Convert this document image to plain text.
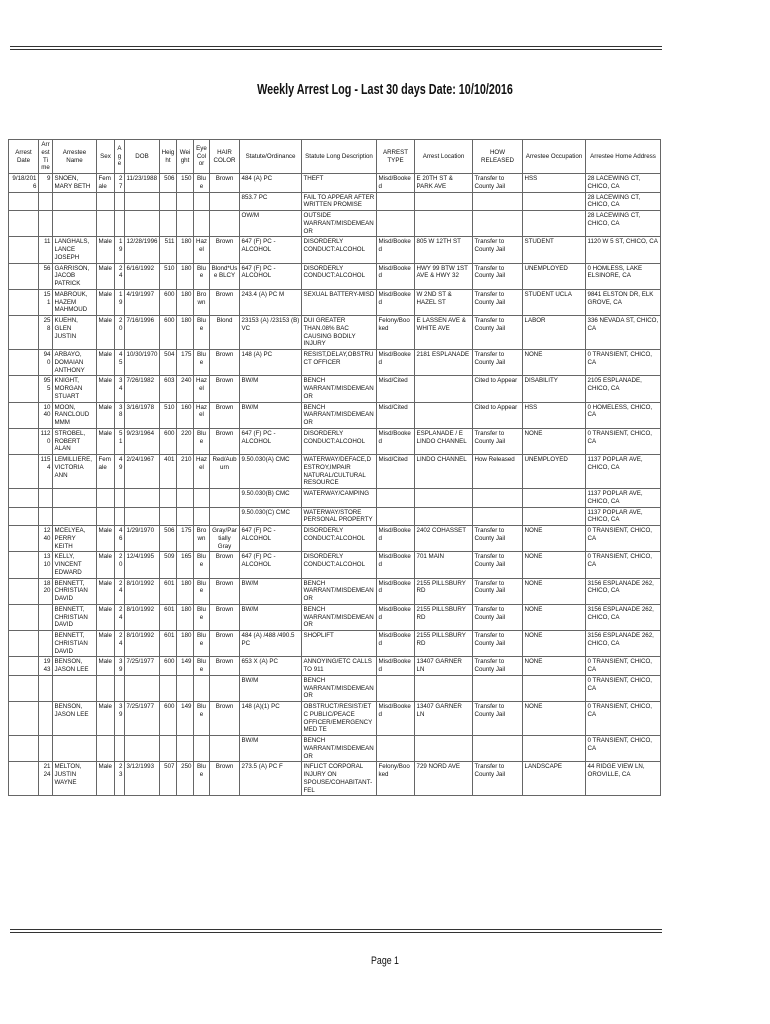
Weekly Arrest Log - Last 30 days Date: 10/10/2016
Arrest Date	Arrest Time	Arrestee Name	Sex	Age	DOB	Height	Weight	Eye Color	HAIR COLOR	Statute/Ordinance	Statute Long Description	ARREST TYPE	Arrest Location	HOW RELEASED	Arrestee Occupation	Arrestee Home Address
9/18/2016	9	SNOEN, MARY BETH	Female	27	11/23/1988	506	150	Blue	Brown	484 (A) PC	THEFT	Misd/Booked	E 20TH ST & PARK AVE	Transfer to County Jail	HSS	28 LACEWING CT, CHICO, CA
										853.7 PC	FAIL TO APPEAR AFTER WRITTEN PROMISE					28 LACEWING CT, CHICO, CA
										OW/M	OUTSIDE WARRANT/MISDEMEANOR					28 LACEWING CT, CHICO, CA
	11	LANGHALS, LANCE JOSEPH	Male	19	12/28/1996	511	180	Hazel	Brown	647 (F) PC - ALCOHOL	DISORDERLY CONDUCT:ALCOHOL	Misd/Booked	805 W 12TH ST	Transfer to County Jail	STUDENT	1120 W 5 ST, CHICO, CA
	56	GARRISON, JACOB PATRICK	Male	24	6/16/1992	510	180	Blue	Blond*Use BLCY	647 (F) PC - ALCOHOL	DISORDERLY CONDUCT:ALCOHOL	Misd/Booked	HWY 99 BTW 1ST AVE & HWY 32	Transfer to County Jail	UNEMPLOYED	0 HOMLESS, LAKE ELSINORE, CA
	151	MABROUK, HAZEM MAHMOUD	Male	19	4/19/1997	600	180	Brown	Brown	243.4 (A) PC M	SEXUAL BATTERY-MISD	Misd/Booked	W 2ND ST & HAZEL ST	Transfer to County Jail	STUDENT UCLA	9841 ELSTON DR, ELK GROVE, CA
	258	KUEHN, GLEN JUSTIN	Male	20	7/16/1996	600	180	Blue	Blond	23153 (A) /23153 (B) VC	DUI GREATER THAN.08% BAC CAUSING BODILY INJURY	Felony/Booked	E LASSEN AVE & WHITE AVE	Transfer to County Jail	LABOR	336 NEVADA ST, CHICO, CA
	940	ARBAYO, DOMAIAN ANTHONY	Male	45	10/30/1970	504	175	Blue	Brown	148 (A) PC	RESIST,DELAY,OBSTRUCT OFFICER	Misd/Booked	2181 ESPLANADE	Transfer to County Jail	NONE	0 TRANSIENT, CHICO, CA
	955	KNIGHT, MORGAN STUART	Male	34	7/26/1982	603	240	Hazel	Brown	BW/M	BENCH WARRANT/MISDEMEANOR	Misd/Cited		Cited to Appear	DISABILITY	2105 ESPLANADE, CHICO, CA
	1040	MOON, RANCLOUD MMM	Male	38	3/16/1978	510	160	Hazel	Brown	BW/M	BENCH WARRANT/MISDEMEANOR	Misd/Cited		Cited to Appear	HSS	0 HOMELESS, CHICO, CA
	1120	STROBEL, ROBERT ALAN	Male	51	9/23/1964	600	220	Blue	Brown	647 (F) PC - ALCOHOL	DISORDERLY CONDUCT:ALCOHOL	Misd/Booked	ESPLANADE / E LINDO CHANNEL	Transfer to County Jail	NONE	0 TRANSIENT, CHICO, CA
	1154	LEMILLIERE, VICTORIA ANN	Female	49	2/24/1967	401	210	Hazel	Red/Auburn	9.50.030(A) CMC	WATERWAY/DEFACE,DESTROY,IMPAIR NATURAL/CULTURAL RESOURCE	Misd/Cited	LINDO CHANNEL	How Released	UNEMPLOYED	1137 POPLAR AVE, CHICO, CA
										9.50.030(B) CMC	WATERWAY/CAMPING					1137 POPLAR AVE, CHICO, CA
										9.50.030(C) CMC	WATERWAY/STORE PERSONAL PROPERTY					1137 POPLAR AVE, CHICO, CA
	1240	MCELYEA, PERRY KEITH	Male	46	1/29/1970	506	175	Brown	Gray/Partially Gray	647 (F) PC - ALCOHOL	DISORDERLY CONDUCT:ALCOHOL	Misd/Booked	2402 COHASSET	Transfer to County Jail	NONE	0 TRANSIENT, CHICO, CA
	1310	KELLY, VINCENT EDWARD	Male	20	12/4/1995	509	165	Blue	Brown	647 (F) PC - ALCOHOL	DISORDERLY CONDUCT:ALCOHOL	Misd/Booked	701 MAIN	Transfer to County Jail	NONE	0 TRANSIENT, CHICO, CA
	1820	BENNETT, CHRISTIAN DAVID	Male	24	8/10/1992	601	180	Blue	Brown	BW/M	BENCH WARRANT/MISDEMEANOR	Misd/Booked	2155 PILLSBURY RD	Transfer to County Jail	NONE	3156 ESPLANADE 262, CHICO, CA
		BENNETT, CHRISTIAN DAVID	Male	24	8/10/1992	601	180	Blue	Brown	BW/M	BENCH WARRANT/MISDEMEANOR	Misd/Booked	2155 PILLSBURY RD	Transfer to County Jail	NONE	3156 ESPLANADE 262, CHICO, CA
		BENNETT, CHRISTIAN DAVID	Male	24	8/10/1992	601	180	Blue	Brown	484 (A) /488 /490.5 PC	SHOPLIFT	Misd/Booked	2155 PILLSBURY RD	Transfer to County Jail	NONE	3156 ESPLANADE 262, CHICO, CA
	1943	BENSON, JASON LEE	Male	39	7/25/1977	600	149	Blue	Brown	653 X (A) PC	ANNOYING/ETC CALLS TO 911	Misd/Booked	13407 GARNER LN	Transfer to County Jail	NONE	0 TRANSIENT, CHICO, CA
										BW/M	BENCH WARRANT/MISDEMEANOR					0 TRANSIENT, CHICO, CA
		BENSON, JASON LEE	Male	39	7/25/1977	600	149	Blue	Brown	148 (A)(1) PC	OBSTRUCT/RESIST/ETC PUBLIC/PEACE OFFICER/EMERGENCY MED TE	Misd/Booked	13407 GARNER LN	Transfer to County Jail	NONE	0 TRANSIENT, CHICO, CA
										BW/M	BENCH WARRANT/MISDEMEANOR					0 TRANSIENT, CHICO, CA
	2124	MELTON, JUSTIN WAYNE	Male	23	3/12/1993	507	250	Blue	Brown	273.5 (A) PC F	INFLICT CORPORAL INJURY ON SPOUSE/COHABITANT-FEL	Felony/Booked	729 NORD AVE	Transfer to County Jail	LANDSCAPE	44 RIDGE VIEW LN, OROVILLE, CA
Page 1
